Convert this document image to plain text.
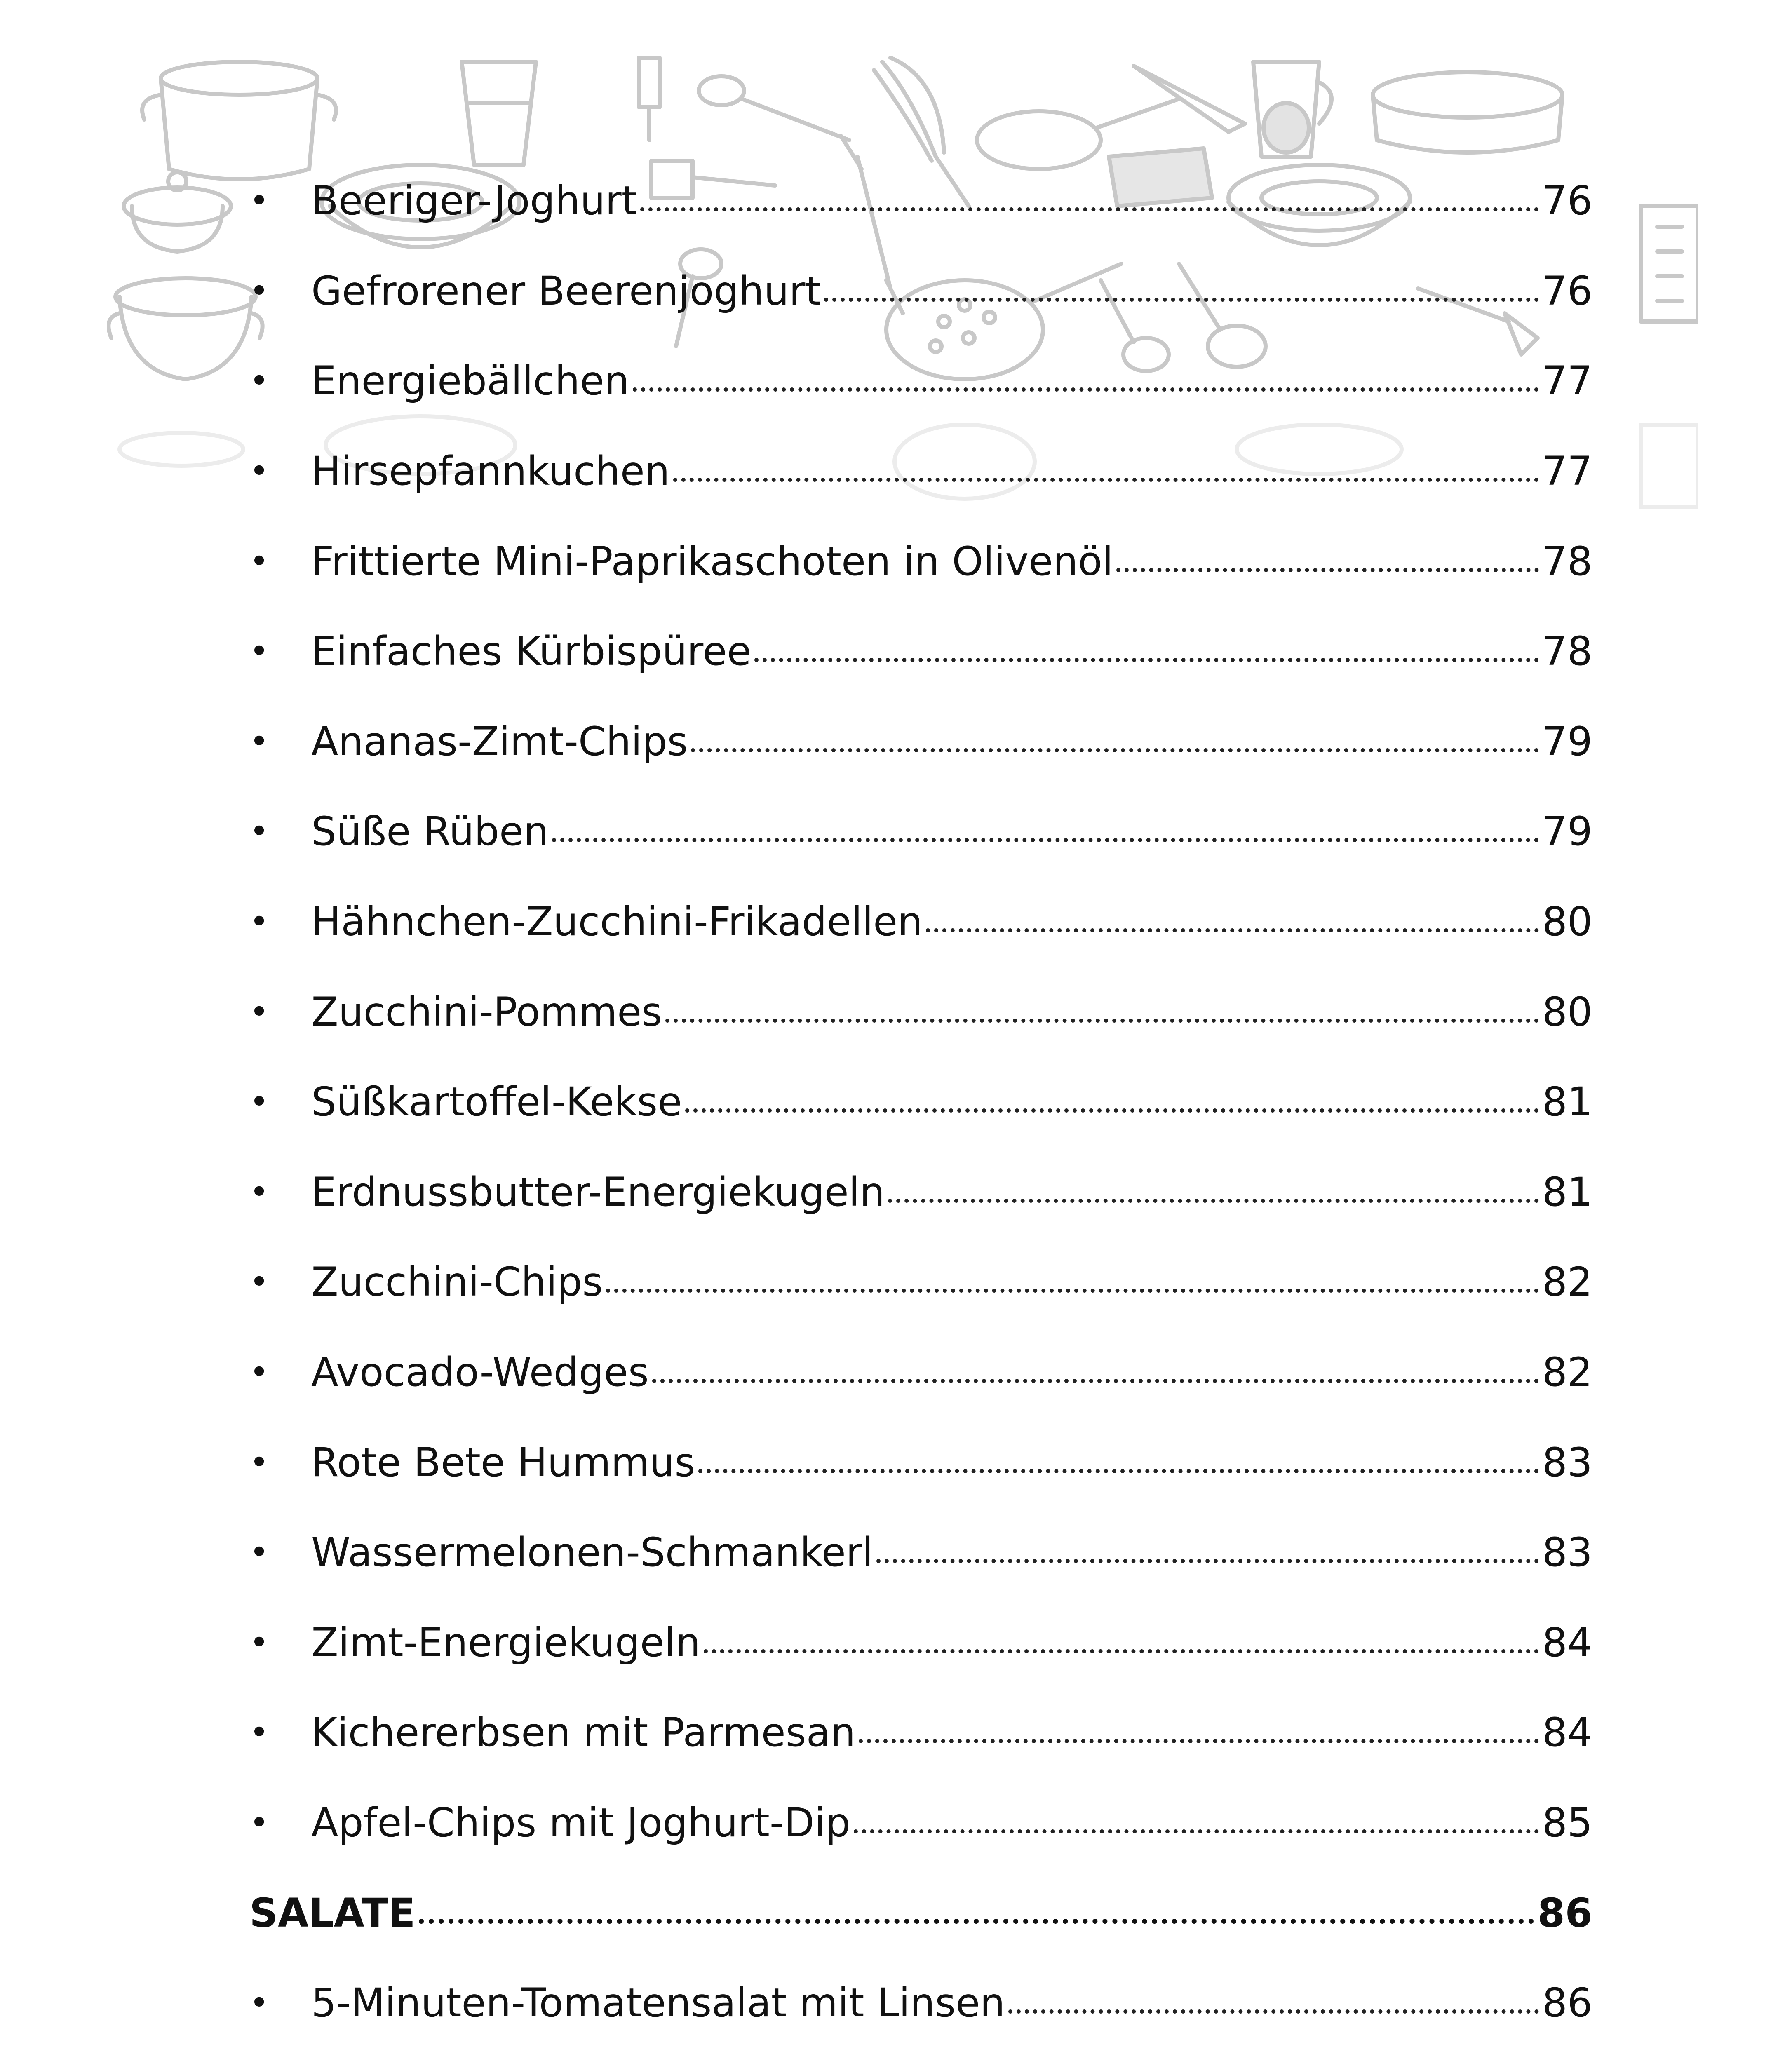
•	Beeriger-Joghurt	76
•	Gefrorener Beerenjoghurt	76
•	Energiebällchen	77
•	Hirsepfannkuchen	77
•	Frittierte Mini-Paprikaschoten in Olivenöl	78
•	Einfaches Kürbispüree	78
•	Ananas-Zimt-Chips	79
•	Süße Rüben	79
•	Hähnchen-Zucchini-Frikadellen	80
•	Zucchini-Pommes	80
•	Süßkartoffel-Kekse	81
•	Erdnussbutter-Energiekugeln	81
•	Zucchini-Chips	82
•	Avocado-Wedges	82
•	Rote Bete Hummus	83
•	Wassermelonen-Schmankerl	83
•	Zimt-Energiekugeln	84
•	Kichererbsen mit Parmesan	84
•	Apfel-Chips mit Joghurt-Dip	85
SALATE	86
•	5-Minuten-Tomatensalat mit Linsen	86
